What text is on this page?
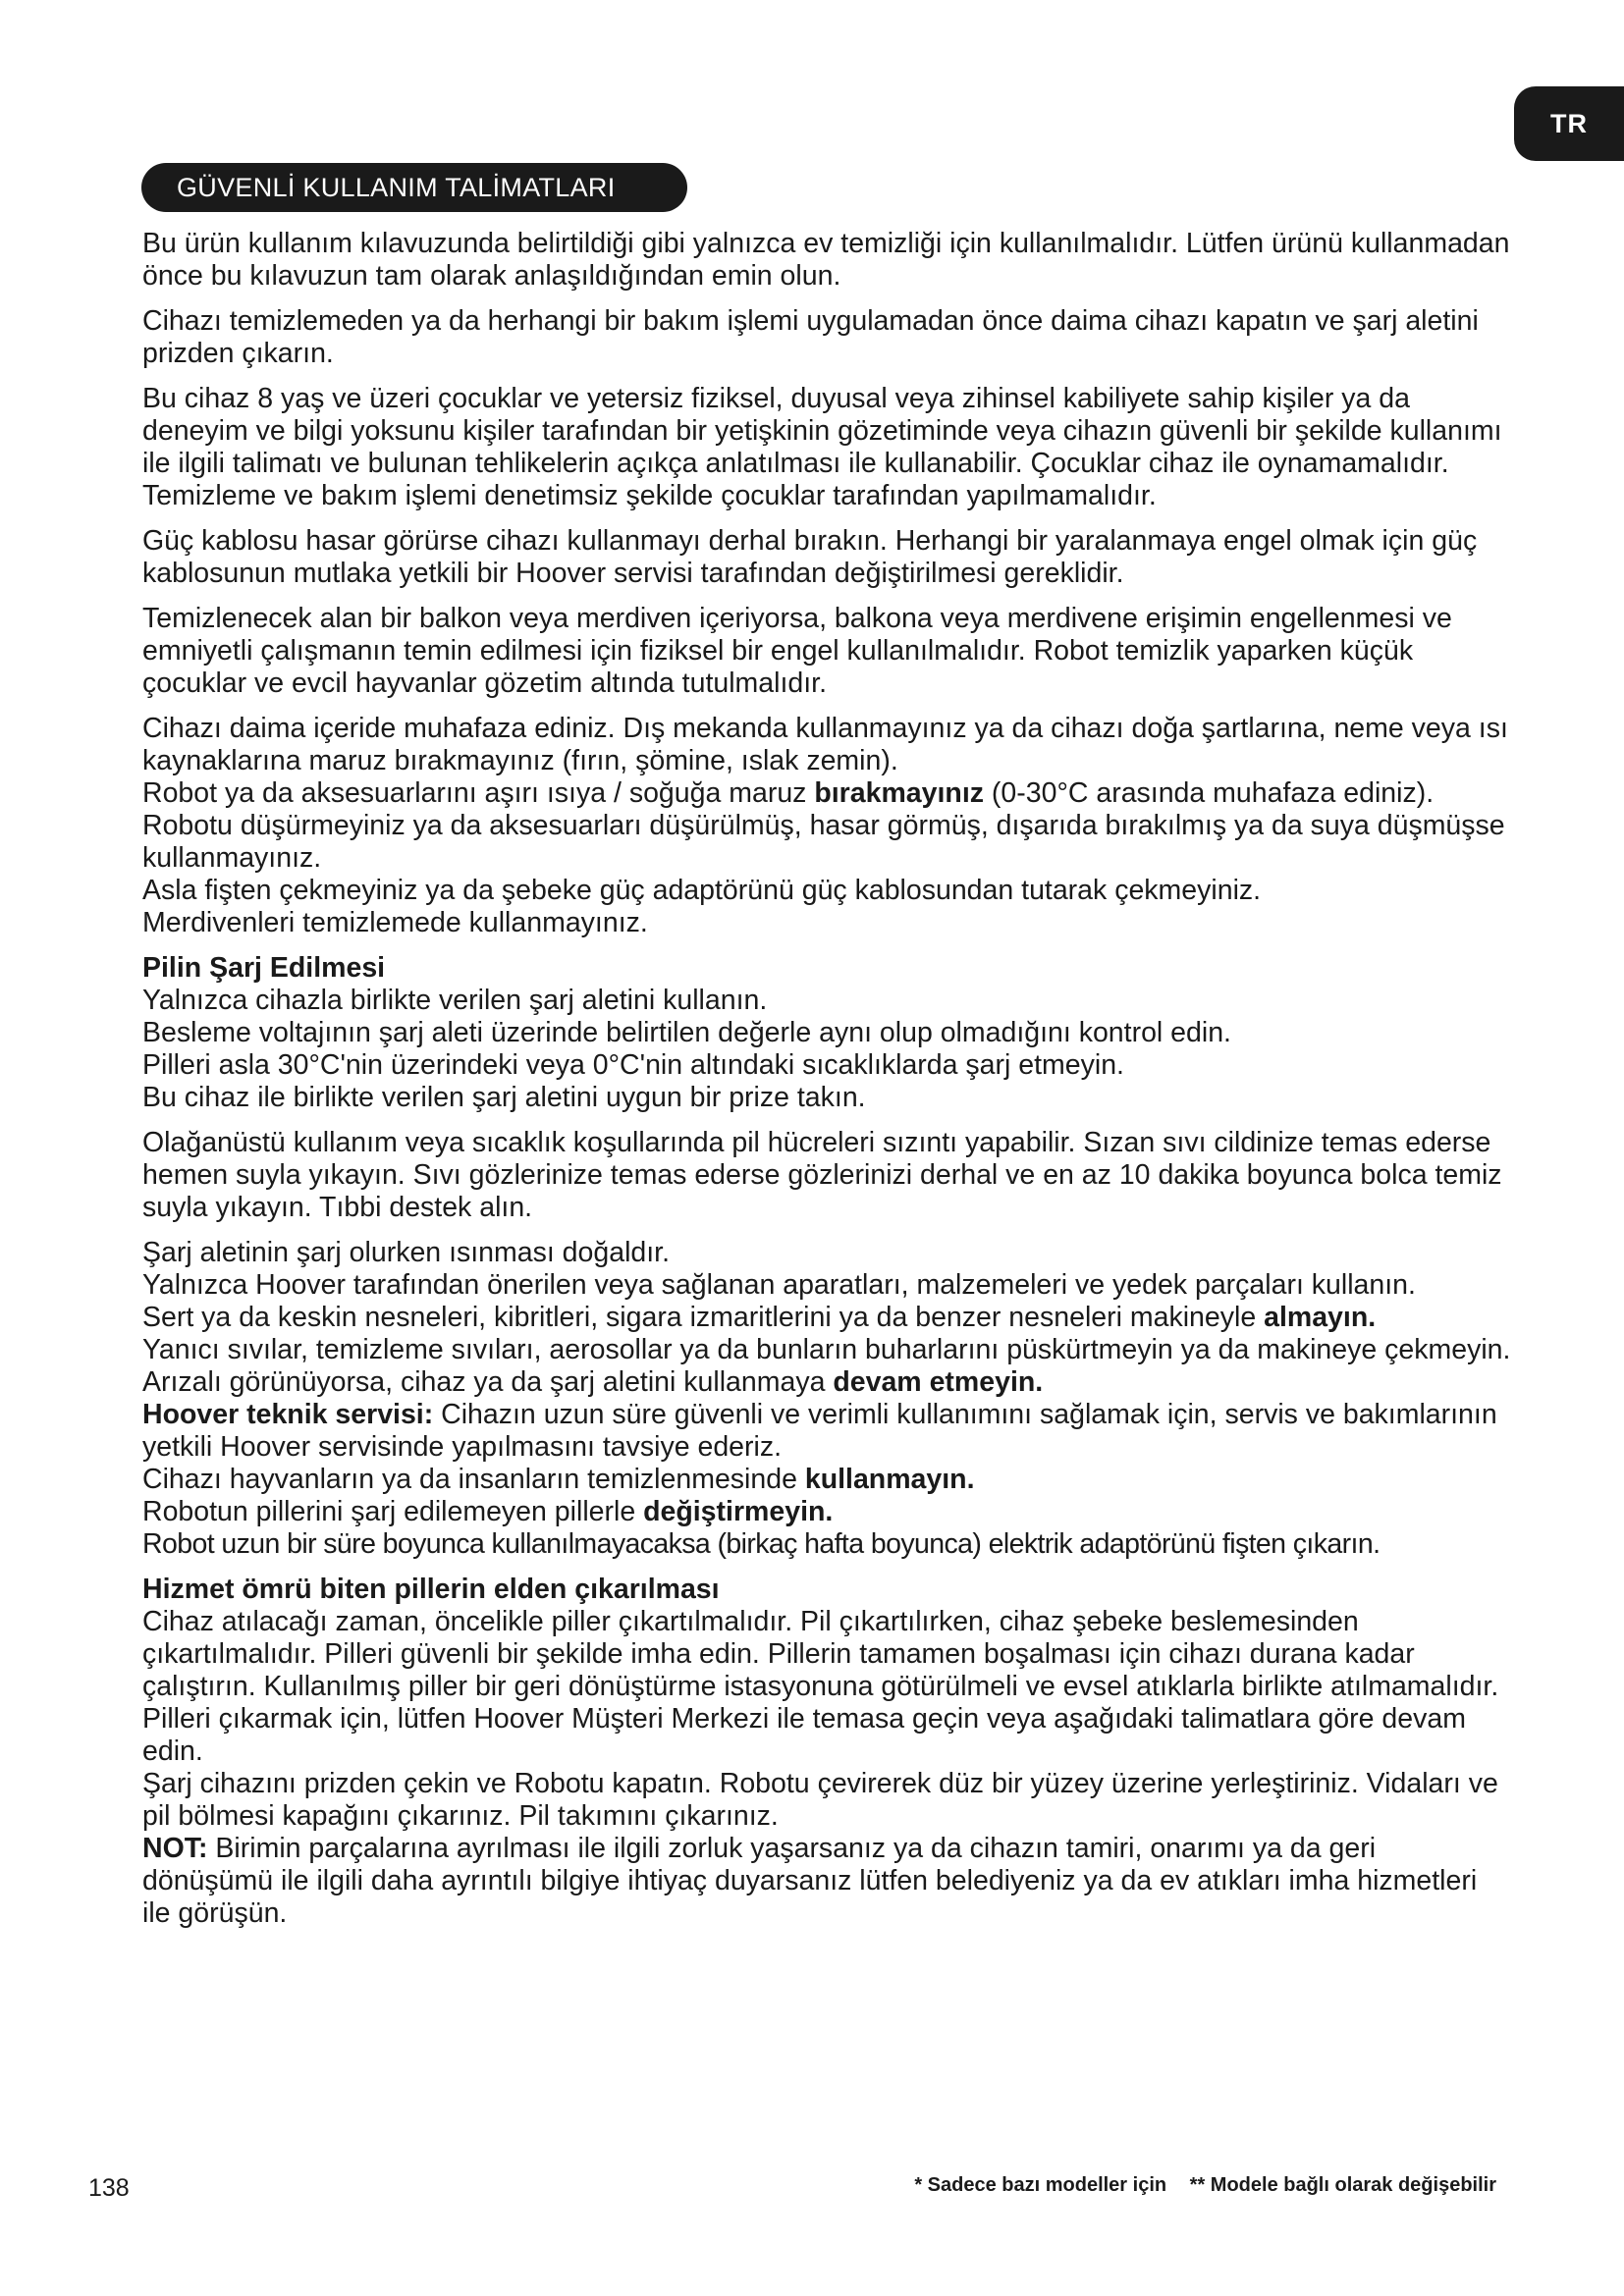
TR
GÜVENLİ KULLANIM TALİMATLARI

Bu ürün kullanım kılavuzunda belirtildiği gibi yalnızca ev temizliği için kullanılmalıdır. Lütfen ürünü kullanmadan önce bu kılavuzun tam olarak anlaşıldığından emin olun.

Cihazı temizlemeden ya da herhangi bir bakım işlemi uygulamadan önce daima cihazı kapatın ve şarj aletini prizden çıkarın.

Bu cihaz 8 yaş ve üzeri çocuklar ve yetersiz fiziksel, duyusal veya zihinsel kabiliyete sahip kişiler ya da deneyim ve bilgi yoksunu kişiler tarafından bir yetişkinin gözetiminde veya cihazın güvenli bir şekilde kullanımı ile ilgili talimatı ve bulunan tehlikelerin açıkça anlatılması ile kullanabilir. Çocuklar cihaz ile oynamamalıdır. Temizleme ve bakım işlemi denetimsiz şekilde çocuklar tarafından yapılmamalıdır.

Güç kablosu hasar görürse cihazı kullanmayı derhal bırakın. Herhangi bir yaralanmaya engel olmak için güç kablosunun mutlaka yetkili bir Hoover servisi tarafından değiştirilmesi gereklidir.

Temizlenecek alan bir balkon veya merdiven içeriyorsa, balkona veya merdivene erişimin engellenmesi ve emniyetli çalışmanın temin edilmesi için fiziksel bir engel kullanılmalıdır. Robot temizlik yaparken küçük çocuklar ve evcil hayvanlar gözetim altında tutulmalıdır.

Cihazı daima içeride muhafaza ediniz. Dış mekanda kullanmayınız ya da cihazı doğa şartlarına, neme veya ısı kaynaklarına maruz bırakmayınız (fırın, şömine, ıslak zemin).
Robot ya da aksesuarlarını aşırı ısıya / soğuğa maruz bırakmayınız (0-30°C arasında muhafaza ediniz).
Robotu düşürmeyiniz ya da aksesuarları düşürülmüş, hasar görmüş, dışarıda bırakılmış ya da suya düşmüşse kullanmayınız.
Asla fişten çekmeyiniz ya da şebeke güç adaptörünü güç kablosundan tutarak çekmeyiniz.
Merdivenleri temizlemede kullanmayınız.

Pilin Şarj Edilmesi

Yalnızca cihazla birlikte verilen şarj aletini kullanın.
Besleme voltajının şarj aleti üzerinde belirtilen değerle aynı olup olmadığını kontrol edin.
Pilleri asla 30°C'nin üzerindeki veya 0°C'nin altındaki sıcaklıklarda şarj etmeyin.
Bu cihaz ile birlikte verilen şarj aletini uygun bir prize takın.

Olağanüstü kullanım veya sıcaklık koşullarında pil hücreleri sızıntı yapabilir. Sızan sıvı cildinize temas ederse hemen suyla yıkayın. Sıvı gözlerinize temas ederse gözlerinizi derhal ve en az 10 dakika boyunca bolca temiz suyla yıkayın. Tıbbi destek alın.

Şarj aletinin şarj olurken ısınması doğaldır.
Yalnızca Hoover tarafından önerilen veya sağlanan aparatları, malzemeleri ve yedek parçaları kullanın.
Sert ya da keskin nesneleri, kibritleri, sigara izmaritlerini ya da benzer nesneleri makineyle almayın.
Yanıcı sıvılar, temizleme sıvıları, aerosollar ya da bunların buharlarını püskürtmeyin ya da makineye çekmeyin.
Arızalı görünüyorsa, cihaz ya da şarj aletini kullanmaya devam etmeyin.
Hoover teknik servisi: Cihazın uzun süre güvenli ve verimli kullanımını sağlamak için, servis ve bakımlarının yetkili Hoover servisinde yapılmasını tavsiye ederiz.
Cihazı hayvanların ya da insanların temizlenmesinde kullanmayın.
Robotun pillerini şarj edilemeyen pillerle değiştirmeyin.
Robot uzun bir süre boyunca kullanılmayacaksa (birkaç hafta boyunca) elektrik adaptörünü fişten çıkarın.

Hizmet ömrü biten pillerin elden çıkarılması

Cihaz atılacağı zaman, öncelikle piller çıkartılmalıdır. Pil çıkartılırken, cihaz şebeke beslemesinden çıkartılmalıdır. Pilleri güvenli bir şekilde imha edin. Pillerin tamamen boşalması için cihazı durana kadar çalıştırın. Kullanılmış piller bir geri dönüştürme istasyonuna götürülmeli ve evsel atıklarla birlikte atılmamalıdır. Pilleri çıkarmak için, lütfen Hoover Müşteri Merkezi ile temasa geçin veya aşağıdaki talimatlara göre devam edin.

Şarj cihazını prizden çekin ve Robotu kapatın. Robotu çevirerek düz bir yüzey üzerine yerleştiriniz. Vidaları ve pil bölmesi kapağını çıkarınız. Pil takımını çıkarınız.

NOT: Birimin parçalarına ayrılması ile ilgili zorluk yaşarsanız ya da cihazın tamiri, onarımı ya da geri dönüşümü ile ilgili daha ayrıntılı bilgiye ihtiyaç duyarsanız lütfen belediyeniz ya da ev atıkları imha hizmetleri ile görüşün.

138	* Sadece bazı modeller için ** Modele bağlı olarak değişebilir
